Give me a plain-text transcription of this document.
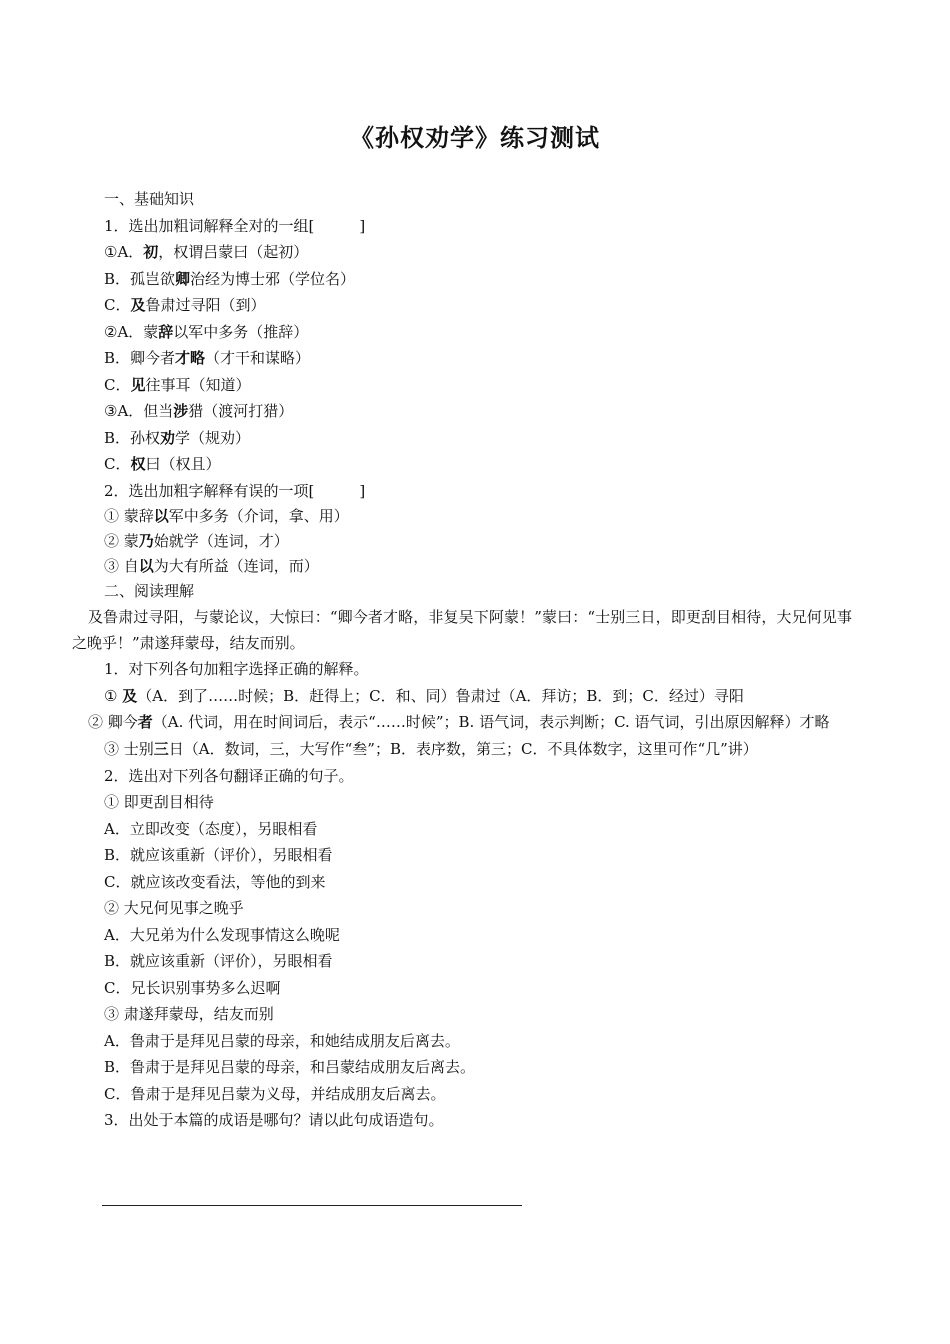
《孙权劝学》练习测试
一、基础知识
1．选出加粗词解释全对的一组[　　　]
①A．初，权谓吕蒙曰（起初）
B．孤岂欲卿治经为博士邪（学位名）
C．及鲁肃过寻阳（到）
②A．蒙辞以军中多务（推辞）
B．卿今者才略（才干和谋略）
C．见往事耳（知道）
③A．但当涉猎（渡河打猎）
B．孙权劝学（规劝）
C．权曰（权且）
2．选出加粗字解释有误的一项[　　　]
① 蒙辞以军中多务（介词，拿、用）
② 蒙乃始就学（连词，才）
③ 自以为大有所益（连词，而）
二、阅读理解
及鲁肃过寻阳，与蒙论议，大惊曰：“卿今者才略，非复吴下阿蒙！”蒙曰：“士别三日，即更刮目相待，大兄何见事之晚乎！”肃遂拜蒙母，结友而别。
1．对下列各句加粗字选择正确的解释。
① 及（A．到了……时候；B．赶得上；C．和、同）鲁肃过（A．拜访；B．到；C．经过）寻阳
② 卿今者（A. 代词，用在时间词后，表示“……时候”；B. 语气词，表示判断；C. 语气词，引出原因解释）才略
③ 士别三日（A．数词，三，大写作“叁”；B．表序数，第三；C．不具体数字，这里可作“几”讲）
2．选出对下列各句翻译正确的句子。
① 即更刮目相待
A．立即改变（态度），另眼相看
B．就应该重新（评价），另眼相看
C．就应该改变看法，等他的到来
② 大兄何见事之晚乎
A．大兄弟为什么发现事情这么晚呢
B．就应该重新（评价），另眼相看
C．兄长识别事势多么迟啊
③ 肃遂拜蒙母，结友而别
A．鲁肃于是拜见吕蒙的母亲，和她结成朋友后离去。
B．鲁肃于是拜见吕蒙的母亲，和吕蒙结成朋友后离去。
C．鲁肃于是拜见吕蒙为义母，并结成朋友后离去。
3．出处于本篇的成语是哪句？请以此句成语造句。
